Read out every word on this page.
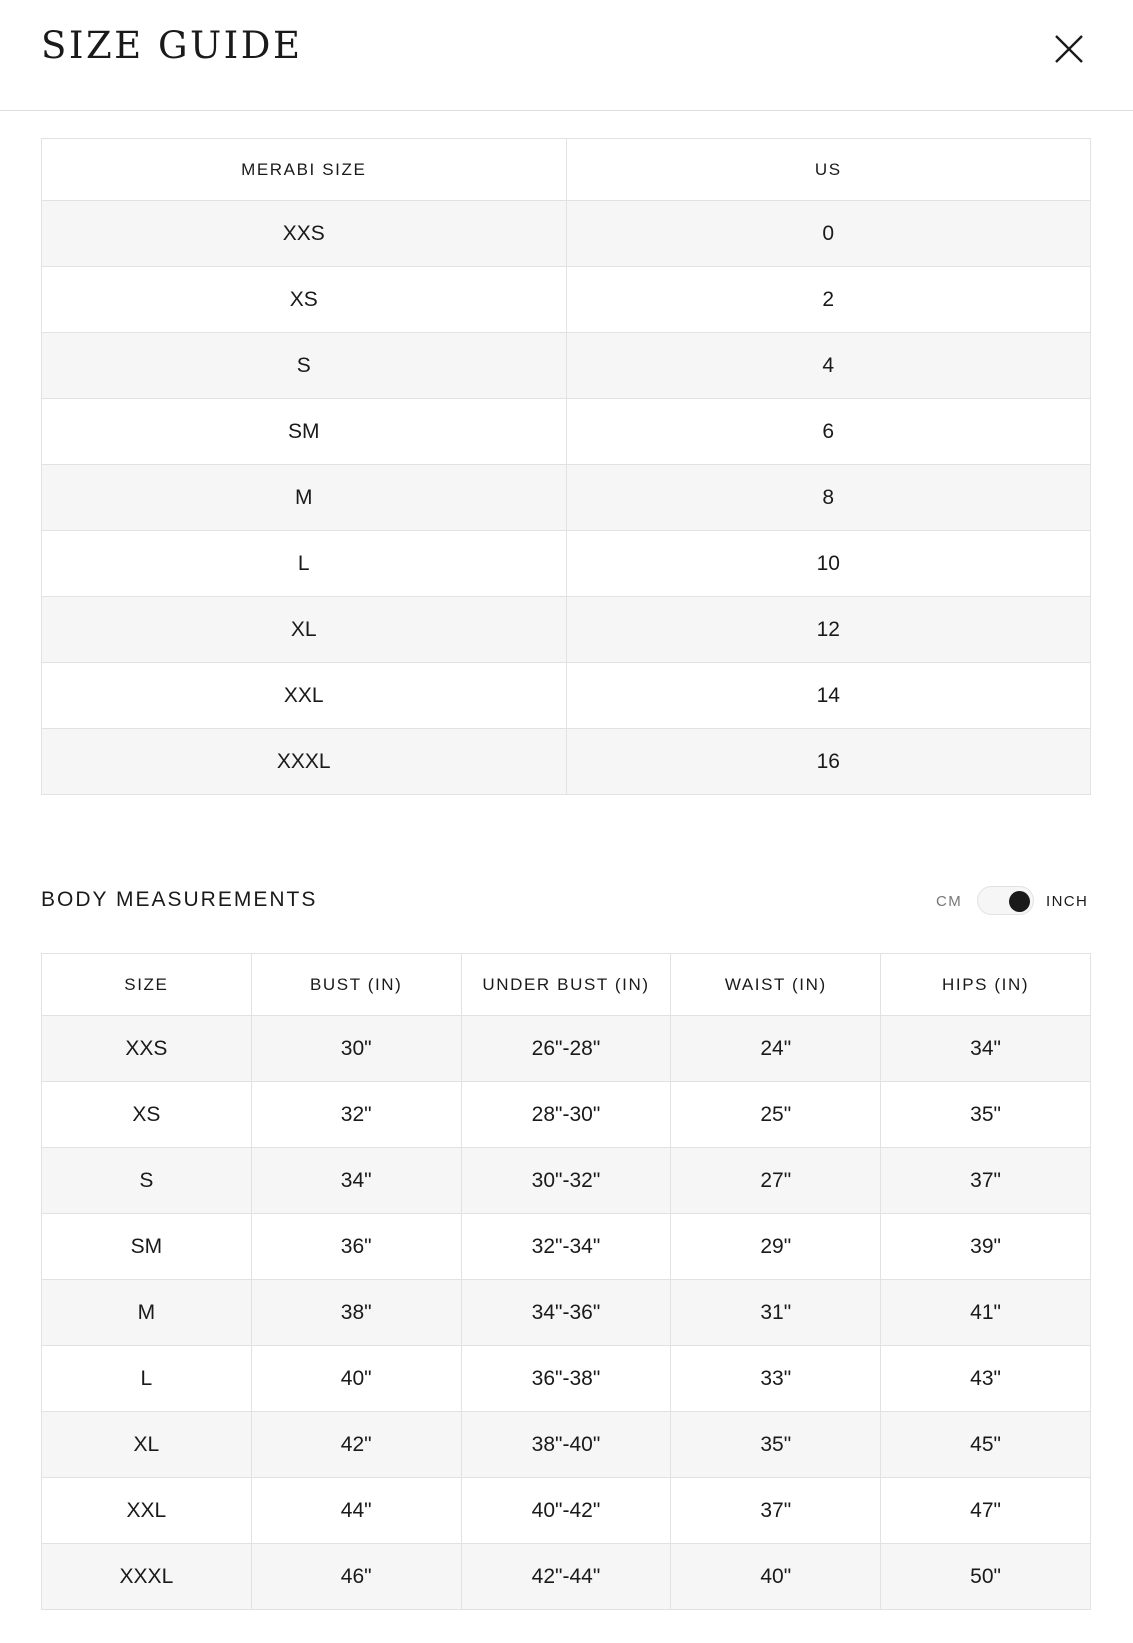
SIZE GUIDE
MERABI SIZE	US
XXS	0
XS	2
S	4
SM	6
M	8
L	10
XL	12
XXL	14
XXXL	16
BODY MEASUREMENTS	CM	INCH
SIZE	BUST (IN)	UNDER BUST (IN)	WAIST (IN)	HIPS (IN)
XXS	30"	26"-28"	24"	34"
XS	32"	28"-30"	25"	35"
S	34"	30"-32"	27"	37"
SM	36"	32"-34"	29"	39"
M	38"	34"-36"	31"	41"
L	40"	36"-38"	33"	43"
XL	42"	38"-40"	35"	45"
XXL	44"	40"-42"	37"	47"
XXXL	46"	42"-44"	40"	50"
